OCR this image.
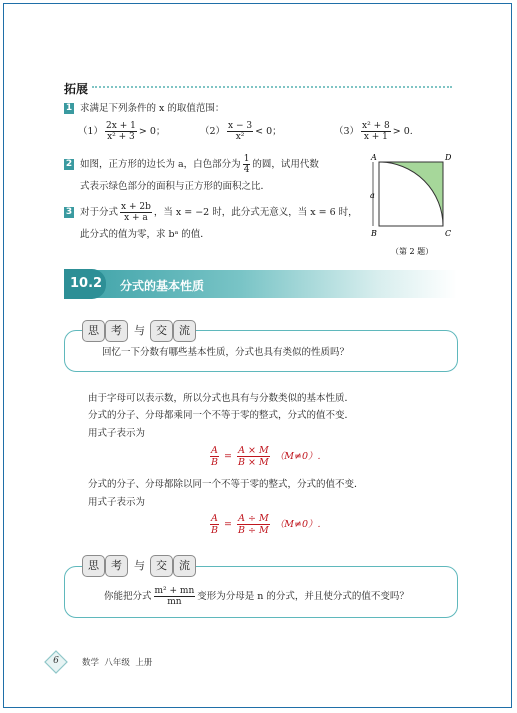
拓展
1 求满足下列条件的 x 的取值范围：
$(1) \frac{2x + 1}{\text{x² + 3}} > 0$；	$(2) \frac{x - 3}{\text{x²}} < 0$；	$(3) \frac{\text{x² + 8}}{x + 1} > 0$.
2 如图，正方形的边长为 a，白色部分为 $\frac{1}{4}$ 的圆，试用代数
式表示绿色部分的面积与正方形的面积之比．
3 对于分式 $\frac{x + 2b}{x + a}$ ，当 x = −2 时，此分式无意义，当 x = 6 时，
此分式的值为零，求 bᵃ 的值．
A	D
B	C
a
（第 2 题）
10.2	分式的基本性质
思	考	与	交	流
回忆一下分数有哪些基本性质，分式也具有类似的性质吗？
由于字母可以表示数，所以分式也具有与分数类似的基本性质．
分式的分子、分母都乘同一个不等于零的整式，分式的值不变．
用式子表示为
$\frac{A}{B} = \frac{A \times M}{B \times M} (M\ne 0)$.
分式的分子、分母都除以同一个不等于零的整式，分式的值不变．
用式子表示为
$\frac{A}{B} = \frac{A \div M}{B \div M} (M\ne 0)$.
思	考	与	交	流
你能把分式 $\frac{\text{m² + mn}}{mn}$ 变形为分母是 n 的分式，并且使分式的值不变吗？
6	数学 八年级 上册
